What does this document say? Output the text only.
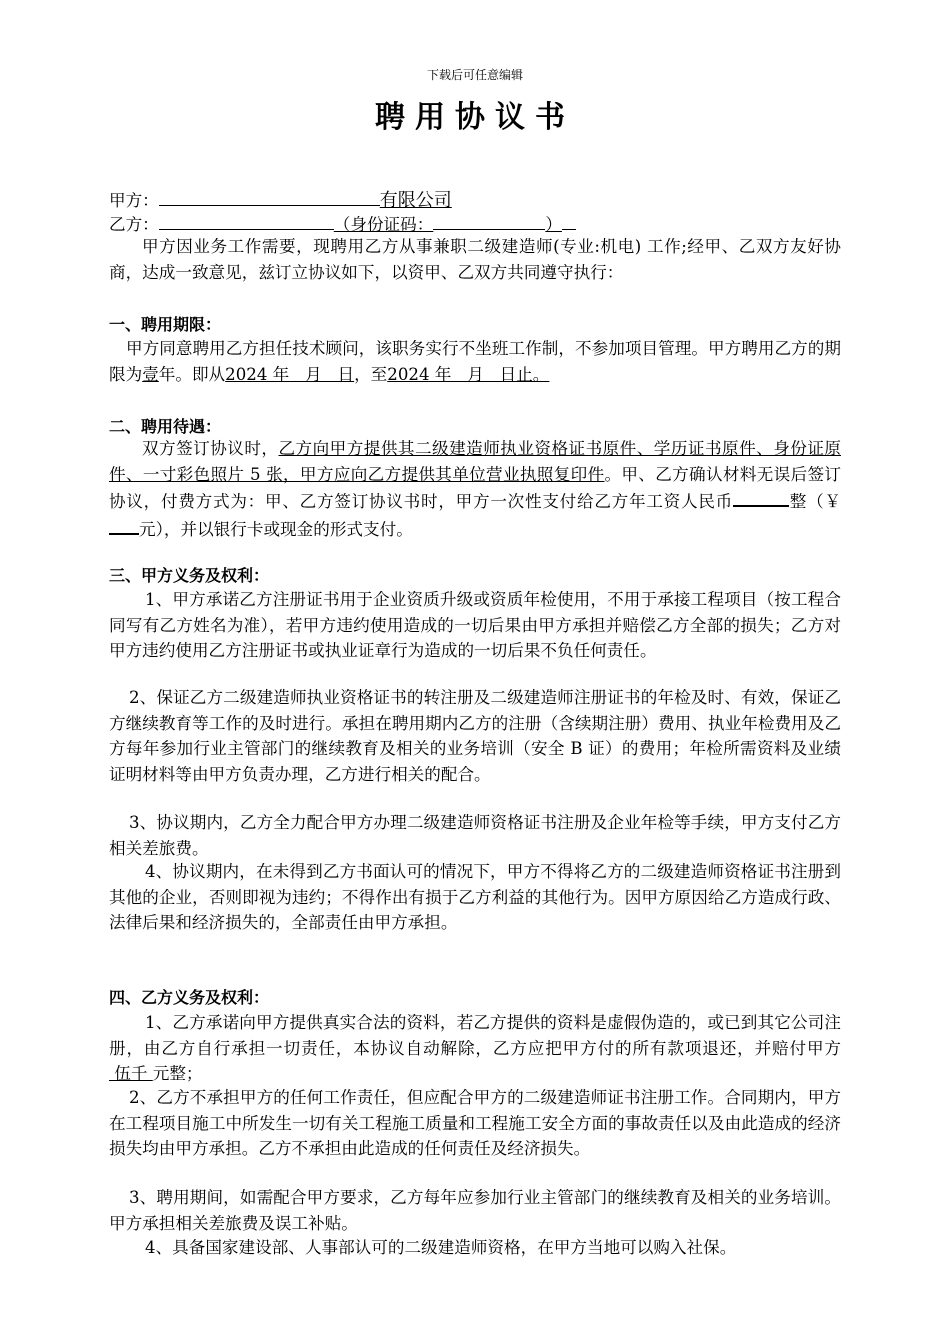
下载后可任意编辑
聘用协议书
甲方：	有限公司
乙方：	（身份证码：	）
甲方因业务工作需要，现聘用乙方从事兼职二级建造师(专业:机电) 工作;经甲、乙双方友好协商，达成一致意见，兹订立协议如下，以资甲、乙双方共同遵守执行：
一、聘用期限：
甲方同意聘用乙方担任技术顾问，该职务实行不坐班工作制，不参加项目管理。甲方聘用乙方的期限为壹年。即从2024 年   月   日，至2024 年   月   日止。
二、聘用待遇：
双方签订协议时，乙方向甲方提供其二级建造师执业资格证书原件、学历证书原件、身份证原件、一寸彩色照片 5 张，甲方应向乙方提供其单位营业执照复印件。甲、乙方确认材料无误后签订协议，付费方式为：甲、乙方签订协议书时，甲方一次性支付给乙方年工资人民币	整（￥元），并以银行卡或现金的形式支付。
三、甲方义务及权利：
1、甲方承诺乙方注册证书用于企业资质升级或资质年检使用，不用于承接工程项目（按工程合同写有乙方姓名为准），若甲方违约使用造成的一切后果由甲方承担并赔偿乙方全部的损失；乙方对甲方违约使用乙方注册证书或执业证章行为造成的一切后果不负任何责任。
2、保证乙方二级建造师执业资格证书的转注册及二级建造师注册证书的年检及时、有效，保证乙方继续教育等工作的及时进行。承担在聘用期内乙方的注册（含续期注册）费用、执业年检费用及乙方每年参加行业主管部门的继续教育及相关的业务培训（安全 B 证）的费用；年检所需资料及业绩证明材料等由甲方负责办理，乙方进行相关的配合。
3、协议期内，乙方全力配合甲方办理二级建造师资格证书注册及企业年检等手续，甲方支付乙方相关差旅费。
4、协议期内，在未得到乙方书面认可的情况下，甲方不得将乙方的二级建造师资格证书注册到其他的企业，否则即视为违约；不得作出有损于乙方利益的其他行为。因甲方原因给乙方造成行政、法律后果和经济损失的，全部责任由甲方承担。
四、乙方义务及权利：
1、乙方承诺向甲方提供真实合法的资料，若乙方提供的资料是虚假伪造的，或已到其它公司注册，由乙方自行承担一切责任，本协议自动解除，乙方应把甲方付的所有款项退还，并赔付甲方 伍千 元整；
2、乙方不承担甲方的任何工作责任，但应配合甲方的二级建造师证书注册工作。合同期内，甲方在工程项目施工中所发生一切有关工程施工质量和工程施工安全方面的事故责任以及由此造成的经济损失均由甲方承担。乙方不承担由此造成的任何责任及经济损失。
3、聘用期间，如需配合甲方要求，乙方每年应参加行业主管部门的继续教育及相关的业务培训。甲方承担相关差旅费及误工补贴。
4、具备国家建设部、人事部认可的二级建造师资格，在甲方当地可以购入社保。
